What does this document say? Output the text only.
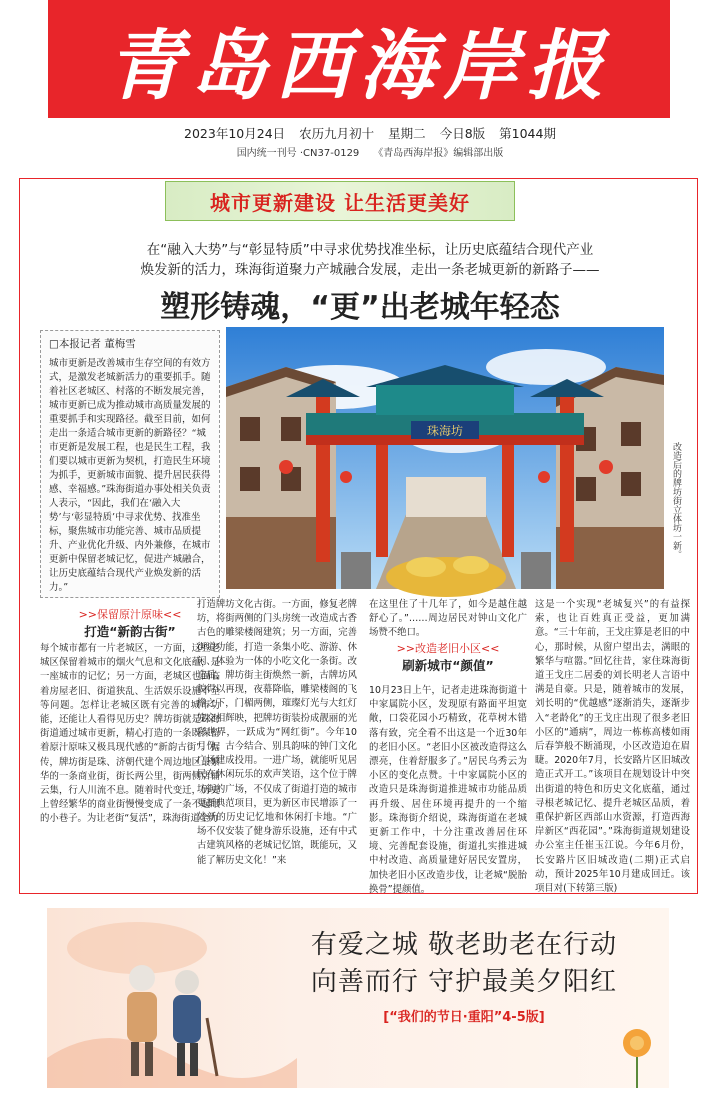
青岛西海岸报
2023年10月24日 农历九月初十 星期二 今日8版 第1044期
国内统一刊号 ·CN37-0129 《青岛西海岸报》编辑部出版
城市更新建设 让生活更美好
在“融入大势”与“彰显特质”中寻求优势找准坐标，让历史底蕴结合现代产业
焕发新的活力，珠海街道聚力产城融合发展，走出一条老城更新的新路子——
塑形铸魂，“更”出老城年轻态
□本报记者 董梅雪
城市更新是改善城市生存空间的有效方式，是激发老城新活力的重要抓手。随着社区老城区、村落的不断发展完善，城市更新已成为推动城市高质量发展的重要抓手和实现路径。截至目前，如何走出一条适合城市更新的新路径？“城市更新是发展工程，也是民生工程，我们要以城市更新为契机，打造民生环境为抓手，更新城市面貌、提升居民获得感、幸福感。”珠海街道办事处相关负责人表示，“因此，我们在‘融入大势’与‘彰显特质’中寻求优势、找准坐标，聚焦城市功能完善、城市品质提升、产业优化升级、内外兼修，在城市更新中保留老城记忆，促进产城融合，让历史底蕴结合现代产业焕发新的活力。”
珠海坊
改造后的牌坊街立体坊一新。
>>保留原汁原味<<
打造“新韵古街”
每个城市都有一片老城区，一方面，这些老城区保留着城市的烟火气息和文化底蕴，是一座城市的记忆；另一方面，老城区也面临着房屋老旧、街道狭乱、生活娱乐设施不全等问题。怎样让老城区既有完善的城市功能，还能让人看得见历史？牌坊街就是珠海街道通过城市更新，精心打造的一条既保留着原汁原味又极具现代感的“新韵古街”。据传，牌坊街是珠、济朝代建个周边地区最繁华的一条商业街，街长两公里，街两侧店铺云集，行人川流不息。随着时代变迁，历史上曾经繁华的商业街慢慢变成了一条不起眼的小巷子。为让老街“复活”，珠海街道全力
打造牌坊文化古街。一方面，修复老牌坊，将街两侧的门头房统一改造成古香古色的雕梁楼阁建筑；另一方面，完善街道功能，打造一条集小吃、游游、休闲、体验为一体的小吃文化一条街。改造后，牌坊街主街焕然一新，古牌坊风貌得以再现，夜幕降临，雕梁楼阁的飞檐之下，门楣两侧，璀璨灯光与大红灯笼交相辉映，把牌坊街装扮成靓丽的光彩世界，一跃成为“网红街”。今年10月份，古今结合、别具韵味的钟门文化广场建成投用。一进广场，就能听见居民在休闲玩乐的欢声笑语，这个位于牌坊街的广场，不仅成了街道打造的城市更新典范项目，更为新区市民增添了一处新的历史记忆地和休闲打卡地。“广场不仅安装了健身游乐设施，还有中式古建筑风格的老城记忆馆，既能玩，又能了解历史文化！”来
在这里住了十几年了，如今是越住越舒心了。”……周边居民对钟山文化广场赞不绝口。
>>改造老旧小区<<
刷新城市“颜值”
10月23日上午，记者走进珠海街道十中家属院小区，发现原有路面平坦宽敞，口袋花园小巧精致，花草树木错落有致，完全看不出这是一个近30年的老旧小区。“老旧小区被改造得这么漂亮，住着舒服多了。”居民乌秀云为小区的变化点赞。十中家属院小区的改造只是珠海街道推进城市功能品质再升级、居住环境再提升的一个缩影。珠海街介绍说，珠海街道在老城更新工作中，十分注重改善居住环境、完善配套设施，街道扎实推进城中村改造、高质量建好居民安置房，加快老旧小区改造步伐，让老城“脱胎换骨”提颜值。
这是一个实现“老城复兴”的有益探索，也让百姓真正受益，更加满意。“三十年前，王戈庄算是老旧的中心，那时候，从窗户望出去，满眼的繁华与喧嚣。”回忆往昔，家住珠海街道王戈庄二居委的刘长明老人言语中满是自豪。只是，随着城市的发展，刘长明的“优越感”逐渐消失，逐渐步入“老龄化”的王戈庄出现了很多老旧小区的“通病”，周边一栋栋高楼如雨后春笋般不断涌现，小区改造迫在眉睫。2020年7月，长安路片区旧城改造正式开工。”该项目在规划设计中突出街道的特色和历史文化底蕴，通过寻根老城记忆、提升老城区品质，着重保护新区西部山水资源，打造西海岸新区“西花园”。”珠海街道规划建设办公室主任崔玉江说。今年6月份，长安路片区旧城改造(二期)正式启动，预计2025年10月建成回迁。该项目对(下转第三版)
有爱之城 敬老助老在行动
向善而行 守护最美夕阳红
[“我们的节日·重阳”4-5版]
